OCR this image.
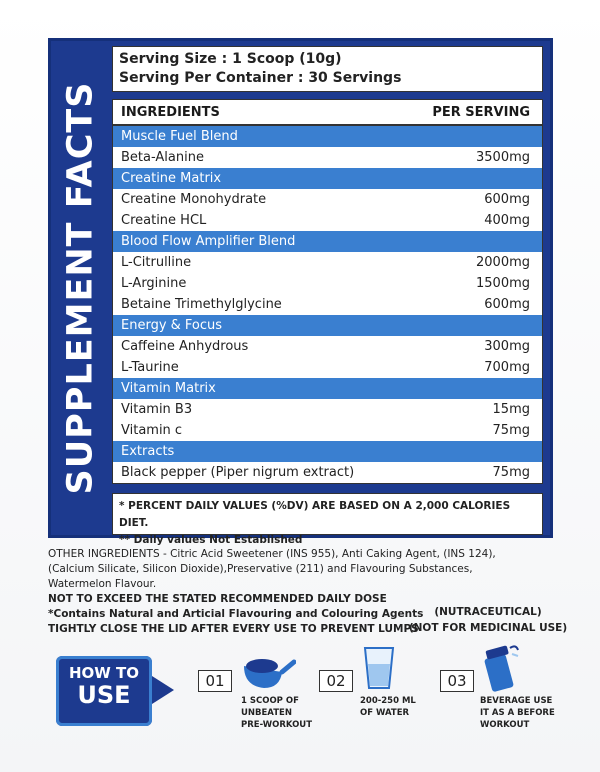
SUPPLEMENT FACTS
Serving Size : 1 Scoop (10g)
Serving Per Container : 30 Servings
INGREDIENTS	PER SERVING
Muscle Fuel Blend
Beta-Alanine	3500mg
Creatine Matrix
Creatine Monohydrate	600mg
Creatine HCL	400mg
Blood Flow Amplifier Blend
L-Citrulline	2000mg
L-Arginine	1500mg
Betaine Trimethylglycine	600mg
Energy & Focus
Caffeine Anhydrous	300mg
L-Taurine	700mg
Vitamin Matrix
Vitamin B3	15mg
Vitamin c	75mg
Extracts
Black pepper (Piper nigrum extract)	75mg
* PERCENT DAILY VALUES (%DV) ARE BASED ON A 2,000 CALORIES DIET.
** Daily values Not Established
OTHER INGREDIENTS - Citric Acid Sweetener (INS 955), Anti Caking Agent, (INS 124),
(Calcium Silicate, Silicon Dioxide),Preservative (211) and Flavouring Substances,
Watermelon Flavour.
NOT TO EXCEED THE STATED RECOMMENDED DAILY DOSE
*Contains Natural and Articial Flavouring and Colouring Agents
TIGHTLY CLOSE THE LID AFTER EVERY USE TO PREVENT LUMPS
(NUTRACEUTICAL)
(NOT FOR MEDICINAL USE)
HOW TO
USE	01
1 SCOOP OF
UNBEATEN
PRE-WORKOUT
02
200-250 ML
OF WATER
03
BEVERAGE USE
IT AS A BEFORE
WORKOUT
